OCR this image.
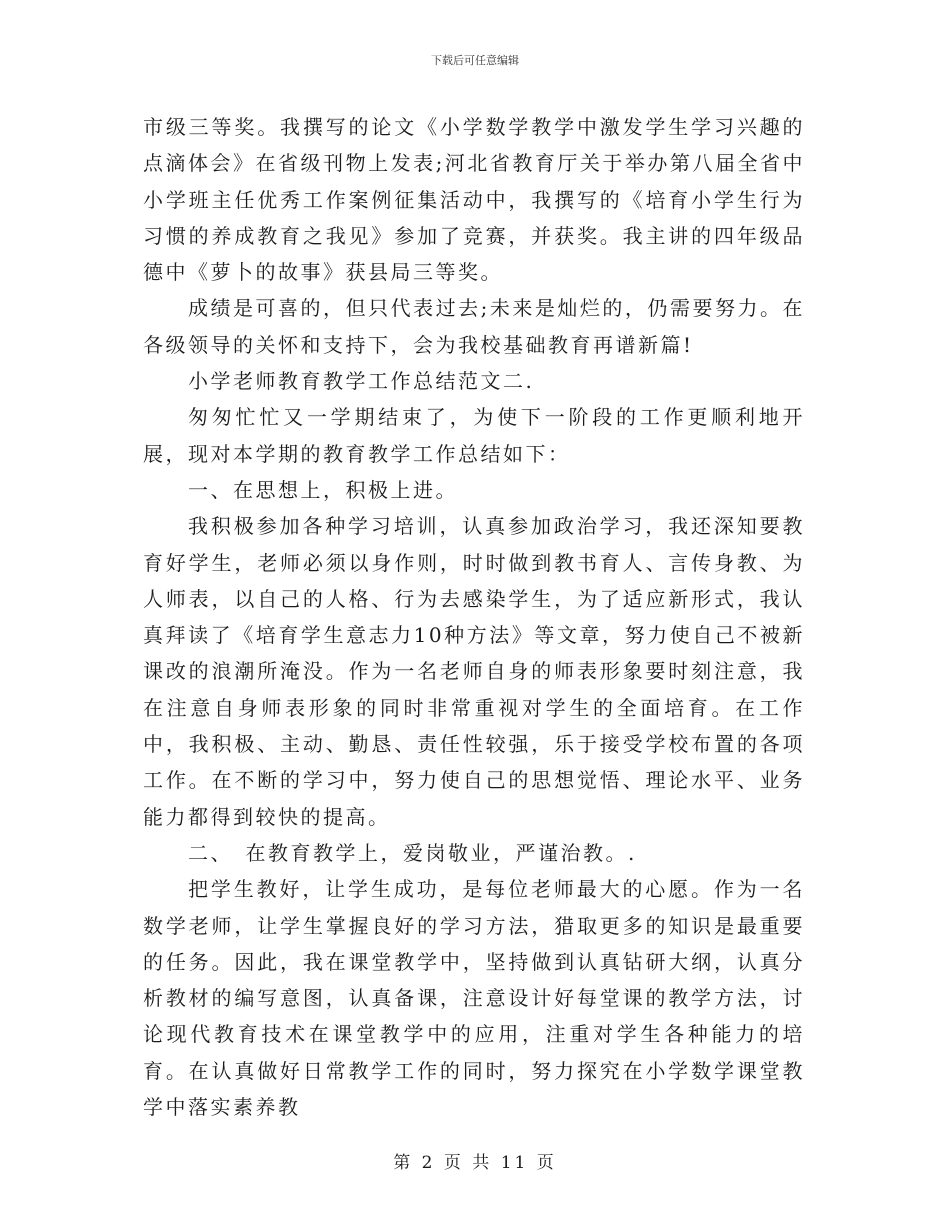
下载后可任意编辑

市级三等奖。我撰写的论文《小学数学教学中激发学生学习兴趣的点滴体会》在省级刊物上发表;河北省教育厅关于举办第八届全省中小学班主任优秀工作案例征集活动中，我撰写的《培育小学生行为习惯的养成教育之我见》参加了竞赛，并获奖。我主讲的四年级品德中《萝卜的故事》获县局三等奖。

成绩是可喜的，但只代表过去;未来是灿烂的，仍需要努力。在各级领导的关怀和支持下，会为我校基础教育再谱新篇!

小学老师教育教学工作总结范文二.

匆匆忙忙又一学期结束了，为使下一阶段的工作更顺利地开展，现对本学期的教育教学工作总结如下：

一、在思想上，积极上进。

我积极参加各种学习培训，认真参加政治学习，我还深知要教育好学生，老师必须以身作则，时时做到教书育人、言传身教、为人师表，以自己的人格、行为去感染学生，为了适应新形式，我认真拜读了《培育学生意志力10种方法》等文章，努力使自己不被新课改的浪潮所淹没。作为一名老师自身的师表形象要时刻注意，我在注意自身师表形象的同时非常重视对学生的全面培育。在工作中，我积极、主动、勤恳、责任性较强，乐于接受学校布置的各项工作。在不断的学习中，努力使自己的思想觉悟、理论水平、业务能力都得到较快的提高。

二、　在教育教学上，爱岗敬业，严谨治教。.

把学生教好，让学生成功，是每位老师最大的心愿。作为一名数学老师，让学生掌握良好的学习方法，猎取更多的知识是最重要的任务。因此，我在课堂教学中，坚持做到认真钻研大纲，认真分析教材的编写意图，认真备课，注意设计好每堂课的教学方法，讨论现代教育技术在课堂教学中的应用，注重对学生各种能力的培育。在认真做好日常教学工作的同时，努力探究在小学数学课堂教学中落实素养教

第 2 页 共 11 页
